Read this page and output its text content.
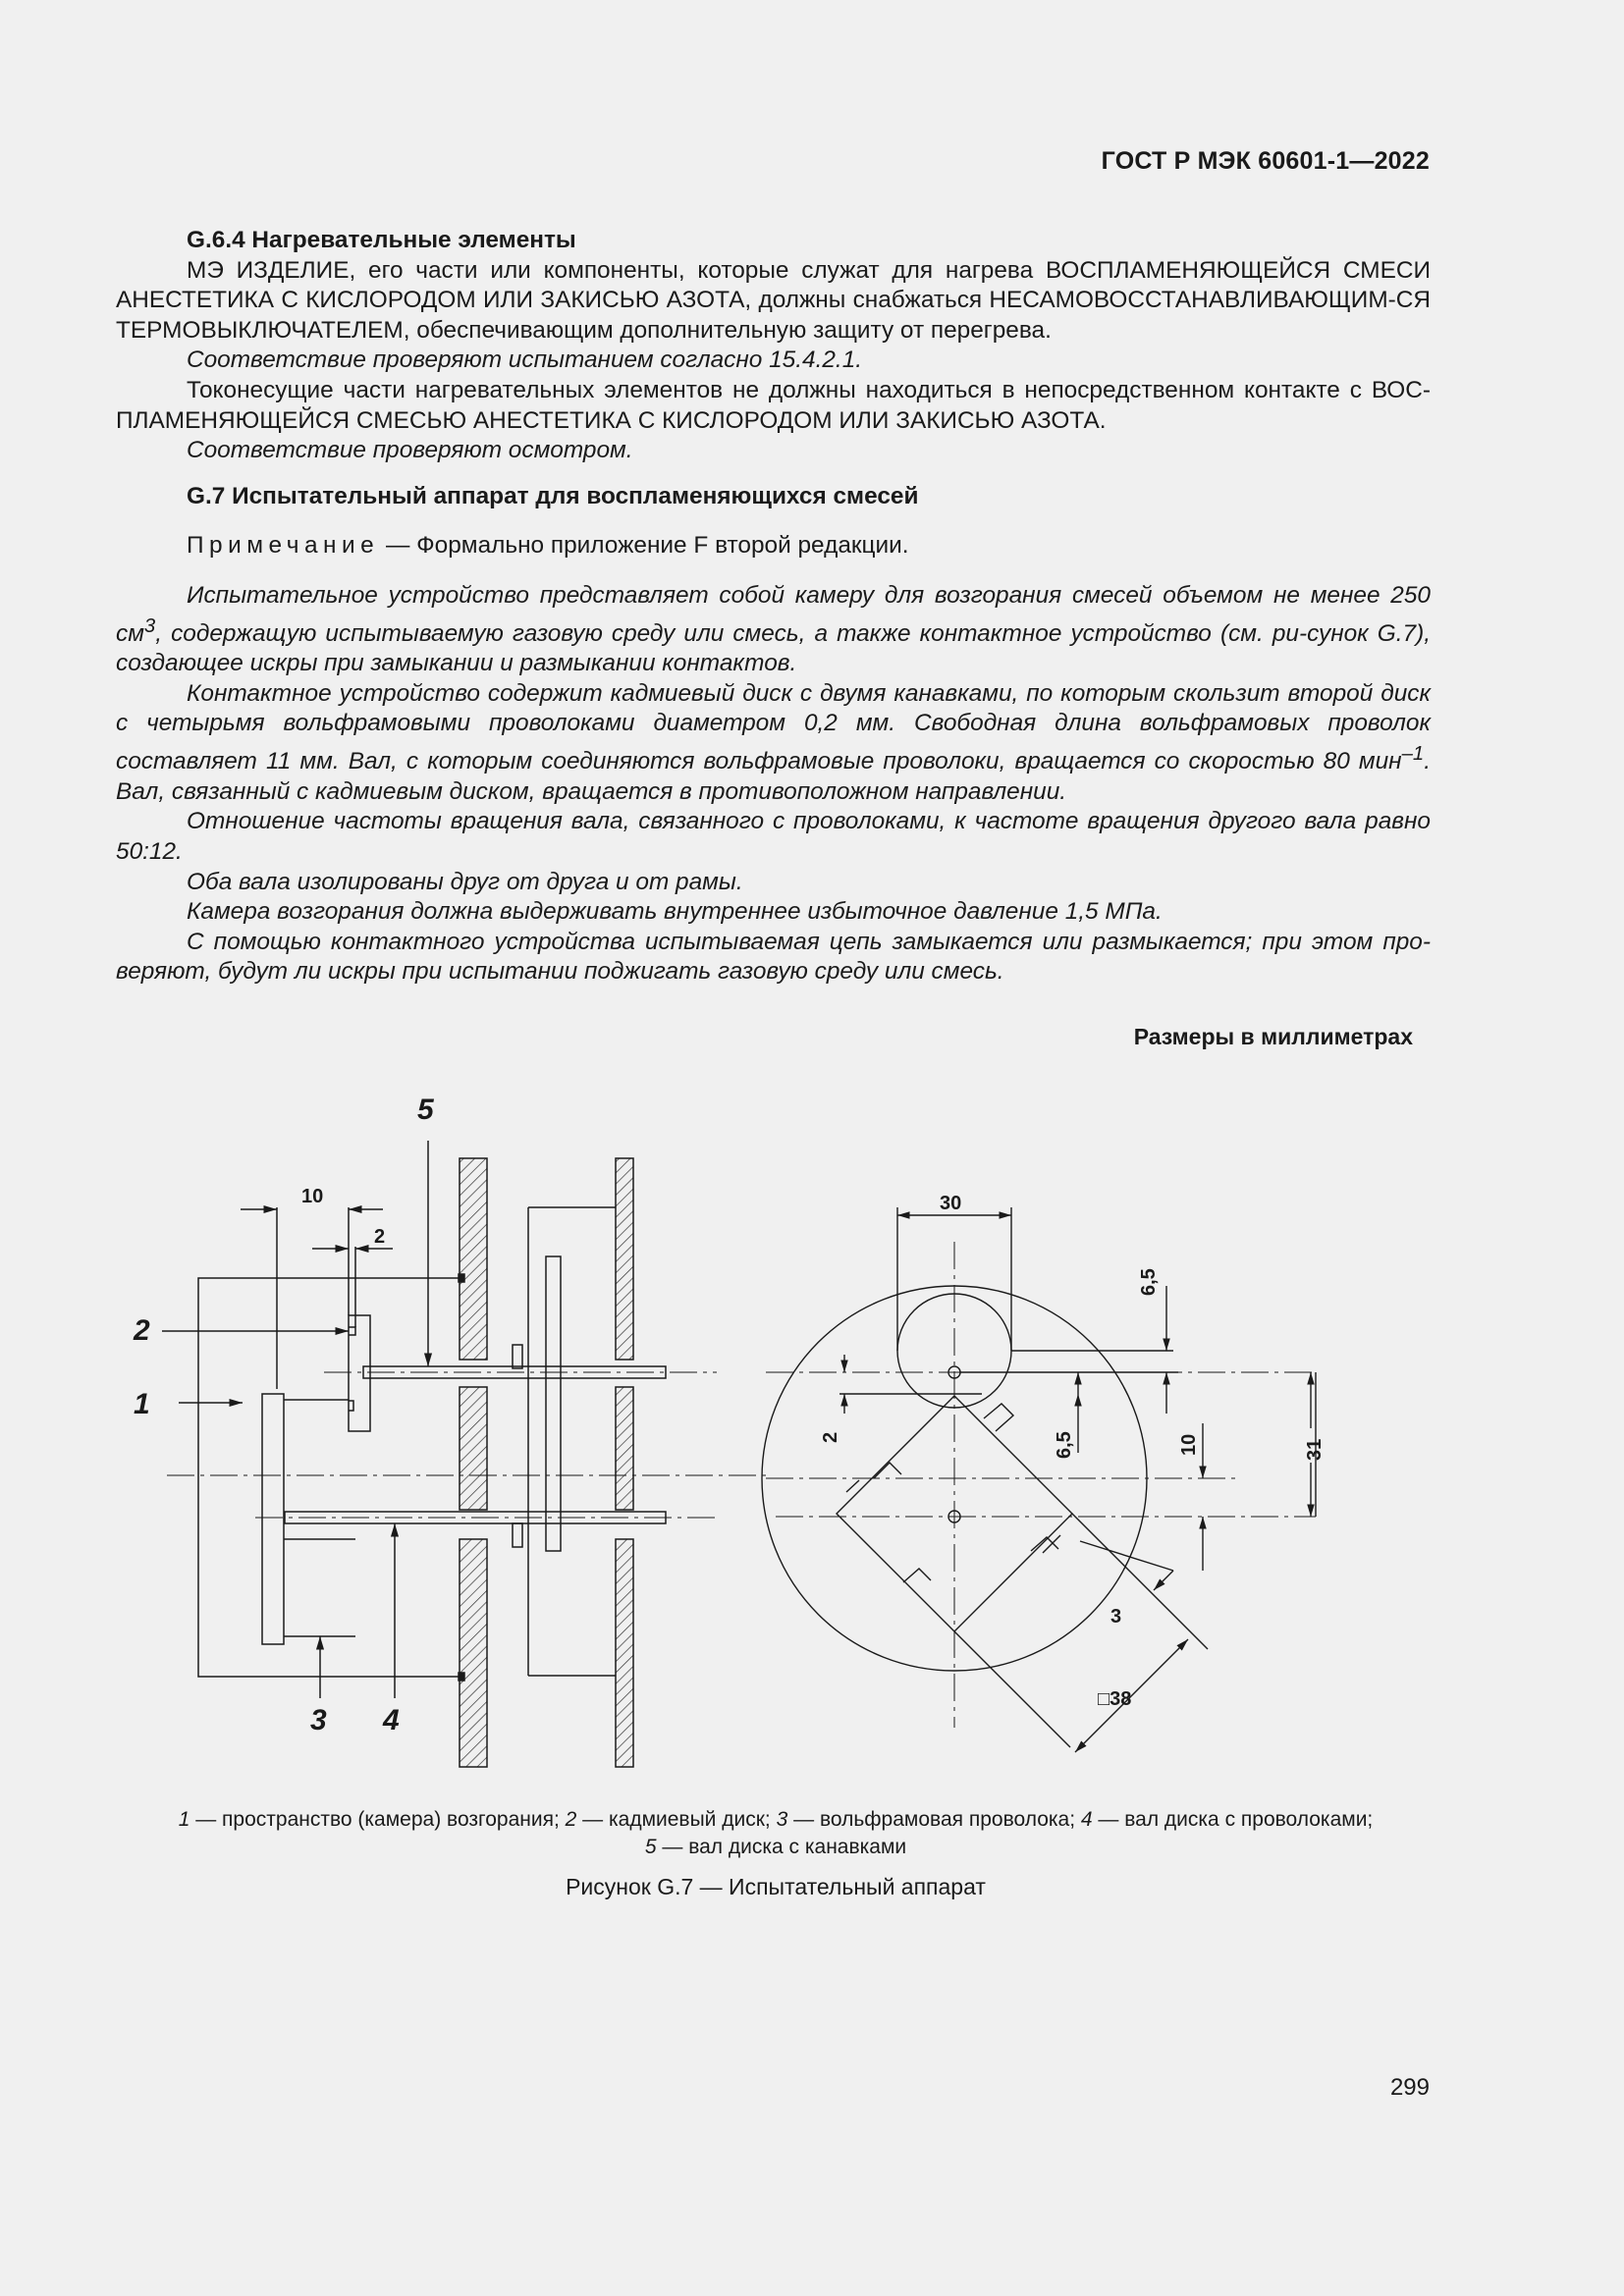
ГОСТ Р МЭК 60601-1—2022

G.6.4 Нагревательные элементы

МЭ ИЗДЕЛИЕ, его части или компоненты, которые служат для нагрева ВОСПЛАМЕНЯЮЩЕЙСЯ СМЕСИ АНЕСТЕТИКА С КИСЛОРОДОМ ИЛИ ЗАКИСЬЮ АЗОТА, должны снабжаться НЕСАМОВОССТАНАВЛИВАЮЩИМ-СЯ ТЕРМОВЫКЛЮЧАТЕЛЕМ, обеспечивающим дополнительную защиту от перегрева.

Соответствие проверяют испытанием согласно 15.4.2.1.

Токонесущие части нагревательных элементов не должны находиться в непосредственном контакте с ВОС-ПЛАМЕНЯЮЩЕЙСЯ СМЕСЬЮ АНЕСТЕТИКА С КИСЛОРОДОМ ИЛИ ЗАКИСЬЮ АЗОТА.

Соответствие проверяют осмотром.

G.7 Испытательный аппарат для воспламеняющихся смесей

Примечание — Формально приложение F второй редакции.

Испытательное устройство представляет собой камеру для возгорания смесей объемом не менее 250 $см^3$, содержащую испытываемую газовую среду или смесь, а также контактное устройство (см. ри-сунок G.7), создающее искры при замыкании и размыкании контактов.

Контактное устройство содержит кадмиевый диск с двумя канавками, по которым скользит второй диск с четырьмя вольфрамовыми проволоками диаметром 0,2 мм. Свободная длина вольфрамовых проволок составляет 11 мм. Вал, с которым соединяются вольфрамовые проволоки, вращается со скоростью 80 мин$^{-1}$. Вал, связанный с кадмиевым диском, вращается в противоположном направлении.

Отношение частоты вращения вала, связанного с проволоками, к частоте вращения другого вала равно 50:12.

Оба вала изолированы друг от друга и от рамы.

Камера возгорания должна выдерживать внутреннее избыточное давление 1,5 МПа.

С помощью контактного устройства испытываемая цепь замыкается или размыкается; при этом про-веряют, будут ли искры при испытании поджигать газовую среду или смесь.

Размеры в миллиметрах
5
2
1
3 4
10
2
30
6,5
2	6,5	10	31
3
□38
1 — пространство (камера) возгорания; 2 — кадмиевый диск; 3 — вольфрамовая проволока; 4 — вал диска с проволоками;
5 — вал диска с канавками
Рисунок G.7 — Испытательный аппарат
299
